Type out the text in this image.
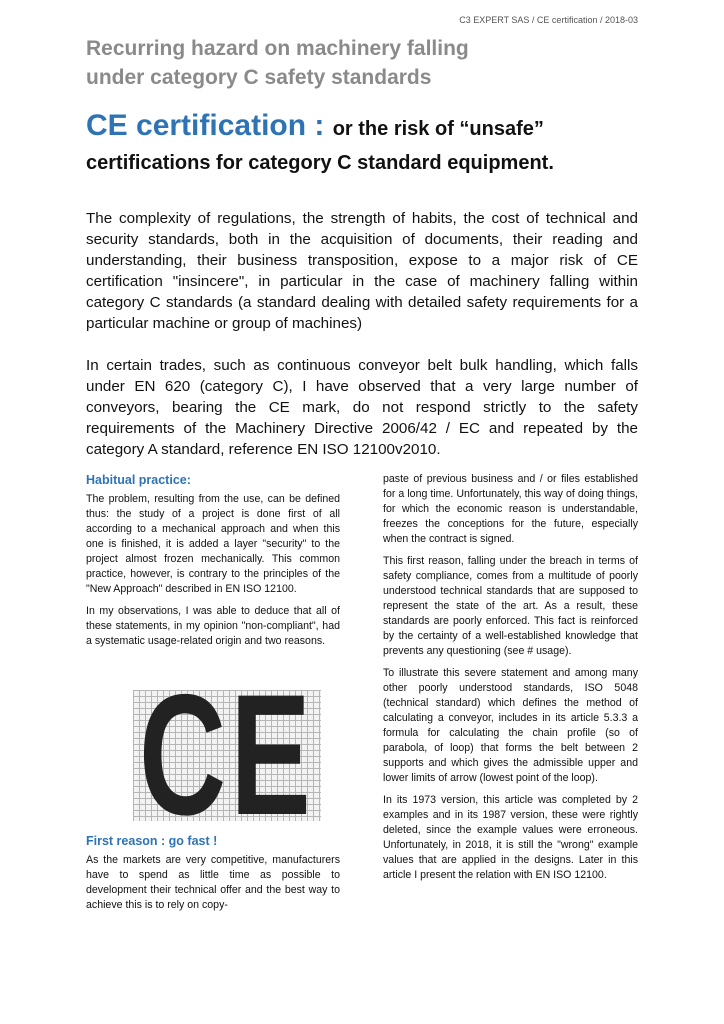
C3 EXPERT SAS / CE certification / 2018-03
Recurring hazard on machinery falling
under category C safety standards
CE certification : or the risk of “unsafe”
certifications for category C standard equipment.

The complexity of regulations, the strength of habits, the cost of technical and security standards, both in the acquisition of documents, their reading and understanding, their business transposition, expose to a major risk of CE certification "insincere", in particular in the case of machinery falling within category C standards (a standard dealing with detailed safety requirements for a particular machine or group of machines)

In certain trades, such as continuous conveyor belt bulk handling, which falls under EN 620 (category C), I have observed that a very large number of conveyors, bearing the CE mark, do not respond strictly to the safety requirements of the Machinery Directive 2006/42 / EC and repeated by the category A standard, reference EN ISO 12100v2010.

Habitual practice:

The problem, resulting from the use, can be defined thus: the study of a project is done first of all according to a mechanical approach and when this one is finished, it is added a layer "security" to the project almost frozen mechanically. This common practice, however, is contrary to the principles of the "New Approach" described in EN ISO 12100.

In my observations, I was able to deduce that all of these statements, in my opinion "non-compliant", had a systematic usage-related origin and two reasons.

CE
First reason : go fast !

As the markets are very competitive, manufacturers have to spend as little time as possible to development their technical offer and the best way to achieve this is to rely on copy-

paste of previous business and / or files established for a long time. Unfortunately, this way of doing things, for which the economic reason is understandable, freezes the conceptions for the future, especially when the contract is signed.

This first reason, falling under the breach in terms of safety compliance, comes from a multitude of poorly understood technical standards that are supposed to represent the state of the art. As a result, these standards are poorly enforced. This fact is reinforced by the certainty of a well-established knowledge that prevents any questioning (see # usage).

To illustrate this severe statement and among many other poorly understood standards, ISO 5048 (technical standard) which defines the method of calculating a conveyor, includes in its article 5.3.3 a formula for calculating the chain profile (so of parabola, of loop) that forms the belt between 2 supports and which gives the admissible upper and lower limits of arrow (lowest point of the loop).

In its 1973 version, this article was completed by 2 examples and in its 1987 version, these were rightly deleted, since the example values were erroneous. Unfortunately, in 2018, it is still the "wrong" example values that are applied in the designs. Later in this article I present the relation with EN ISO 12100.
